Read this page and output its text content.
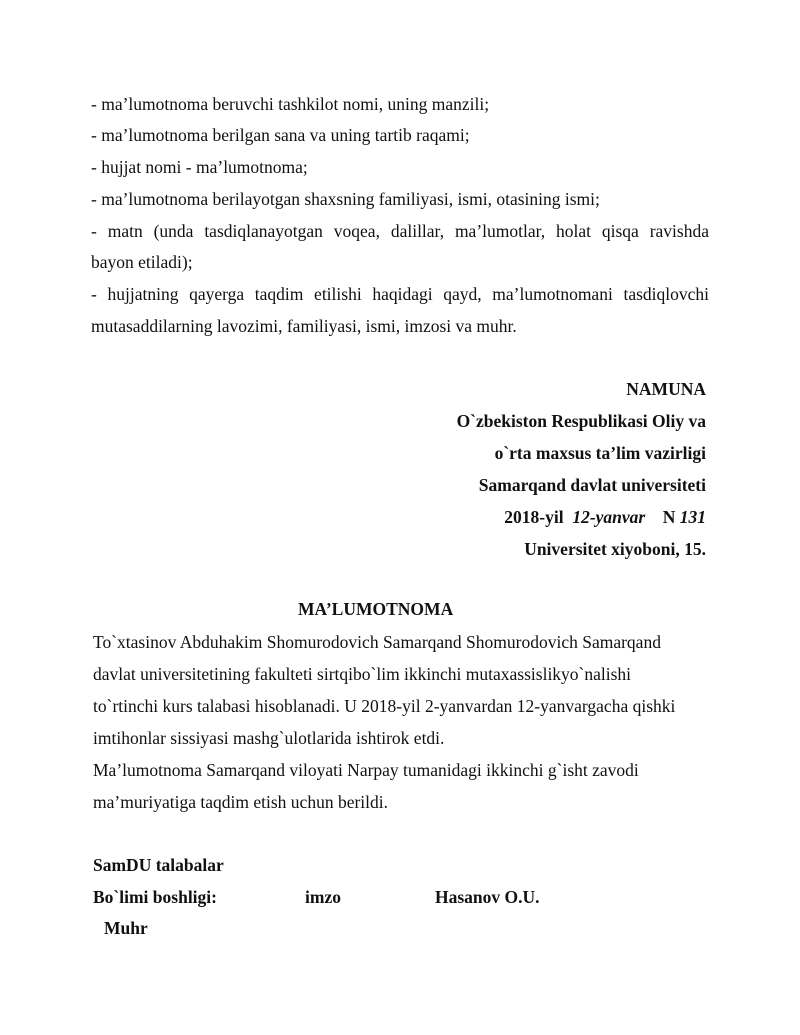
- ma’lumotnoma beruvchi tashkilot nomi, uning manzili;
- ma’lumotnoma berilgan sana va uning tartib raqami;
- hujjat nomi - ma’lumotnoma;
- ma’lumotnoma berilayotgan shaxsning familiyasi, ismi, otasining ismi;
- matn (unda tasdiqlanayotgan voqea, dalillar, ma’lumotlar, holat qisqa ravishda
bayon etiladi);
- hujjatning qayerga taqdim etilishi haqidagi qayd, ma’lumotnomani tasdiqlovchi
mutasaddilarning lavozimi, familiyasi, ismi, imzosi va muhr.
NAMUNA
O`zbekiston Respublikasi Oliy va
o`rta maxsus ta’lim vazirligi
Samarqand davlat universiteti
2018-yil 12-yanvar N 131
Universitet xiyoboni, 15.
MA’LUMOTNOMA
To`xtasinov Abduhakim Shomurodovich Samarqand Shomurodovich Samarqand
davlat universitetining fakulteti sirtqibo`lim ikkinchi mutaxassislikyo`nalishi
to`rtinchi kurs talabasi hisoblanadi. U 2018-yil 2-yanvardan 12-yanvargacha qishki
imtihonlar sissiyasi mashg`ulotlarida ishtirok etdi.
Ma’lumotnoma Samarqand viloyati Narpay tumanidagi ikkinchi g`isht zavodi
ma’muriyatiga taqdim etish uchun berildi.
SamDU talabalar
Bo`limi boshligi:	imzo	Hasanov O.U.
Muhr
